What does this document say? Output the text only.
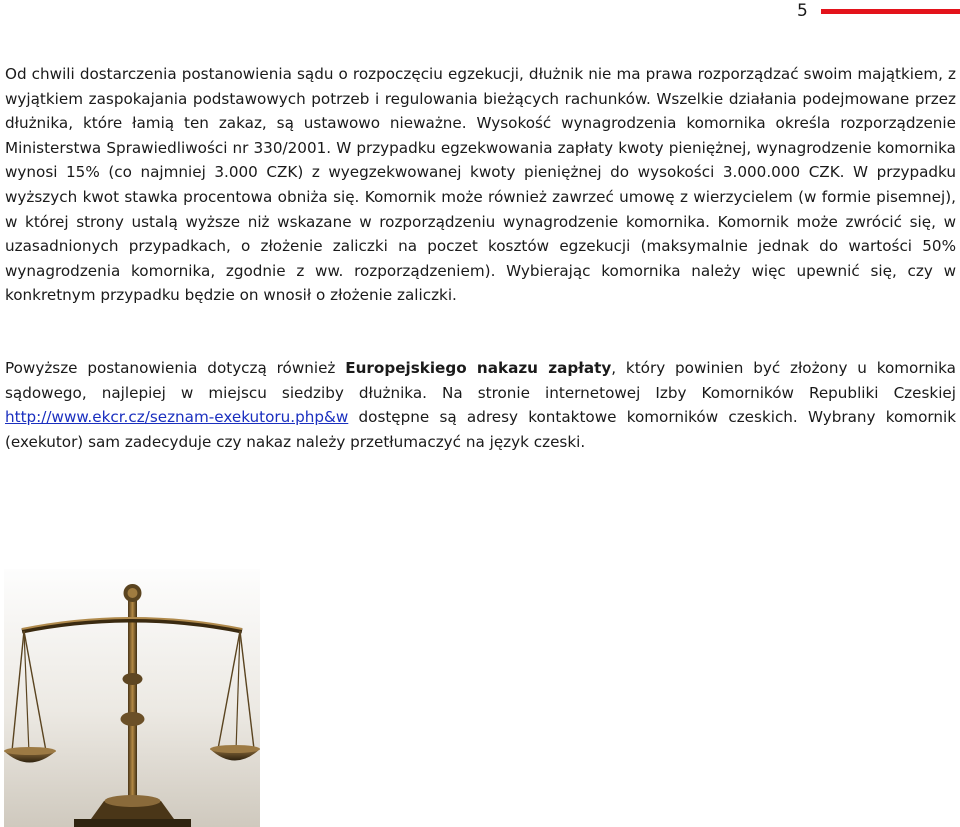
5

Od chwili dostarczenia postanowienia sądu o rozpoczęciu egzekucji, dłużnik nie ma prawa rozporządzać swoim majątkiem, z wyjątkiem zaspokajania podstawowych potrzeb i regulowania bieżących rachunków. Wszelkie działania podejmowane przez dłużnika, które łamią ten zakaz, są ustawowo nieważne. Wysokość wynagrodzenia komornika określa rozporządzenie Ministerstwa Sprawiedliwości nr 330/2001. W przypadku egzekwowania zapłaty kwoty pieniężnej, wynagrodzenie komornika wynosi 15% (co najmniej 3.000 CZK) z wyegzekwowanej kwoty pieniężnej do wysokości 3.000.000 CZK. W przypadku wyższych kwot stawka procentowa obniża się. Komornik może również zawrzeć umowę z wierzycielem (w formie pisemnej), w której strony ustalą wyższe niż wskazane w rozporządzeniu wynagrodzenie komornika. Komornik może zwrócić się, w uzasadnionych przypadkach, o złożenie zaliczki na poczet kosztów egzekucji (maksymalnie jednak do wartości 50% wynagrodzenia komornika, zgodnie z ww. rozporządzeniem). Wybierając komornika należy więc upewnić się, czy w konkretnym przypadku będzie on wnosił o złożenie zaliczki.

Powyższe postanowienia dotyczą również Europejskiego nakazu zapłaty, który powinien być złożony u komornika sądowego, najlepiej w miejscu siedziby dłużnika. Na stronie internetowej Izby Komorników Republiki Czeskiej http://www.ekcr.cz/seznam-exekutoru.php&w dostępne są adresy kontaktowe komorników czeskich. Wybrany komornik (exekutor) sam zadecyduje czy nakaz należy przetłumaczyć na język czeski.
